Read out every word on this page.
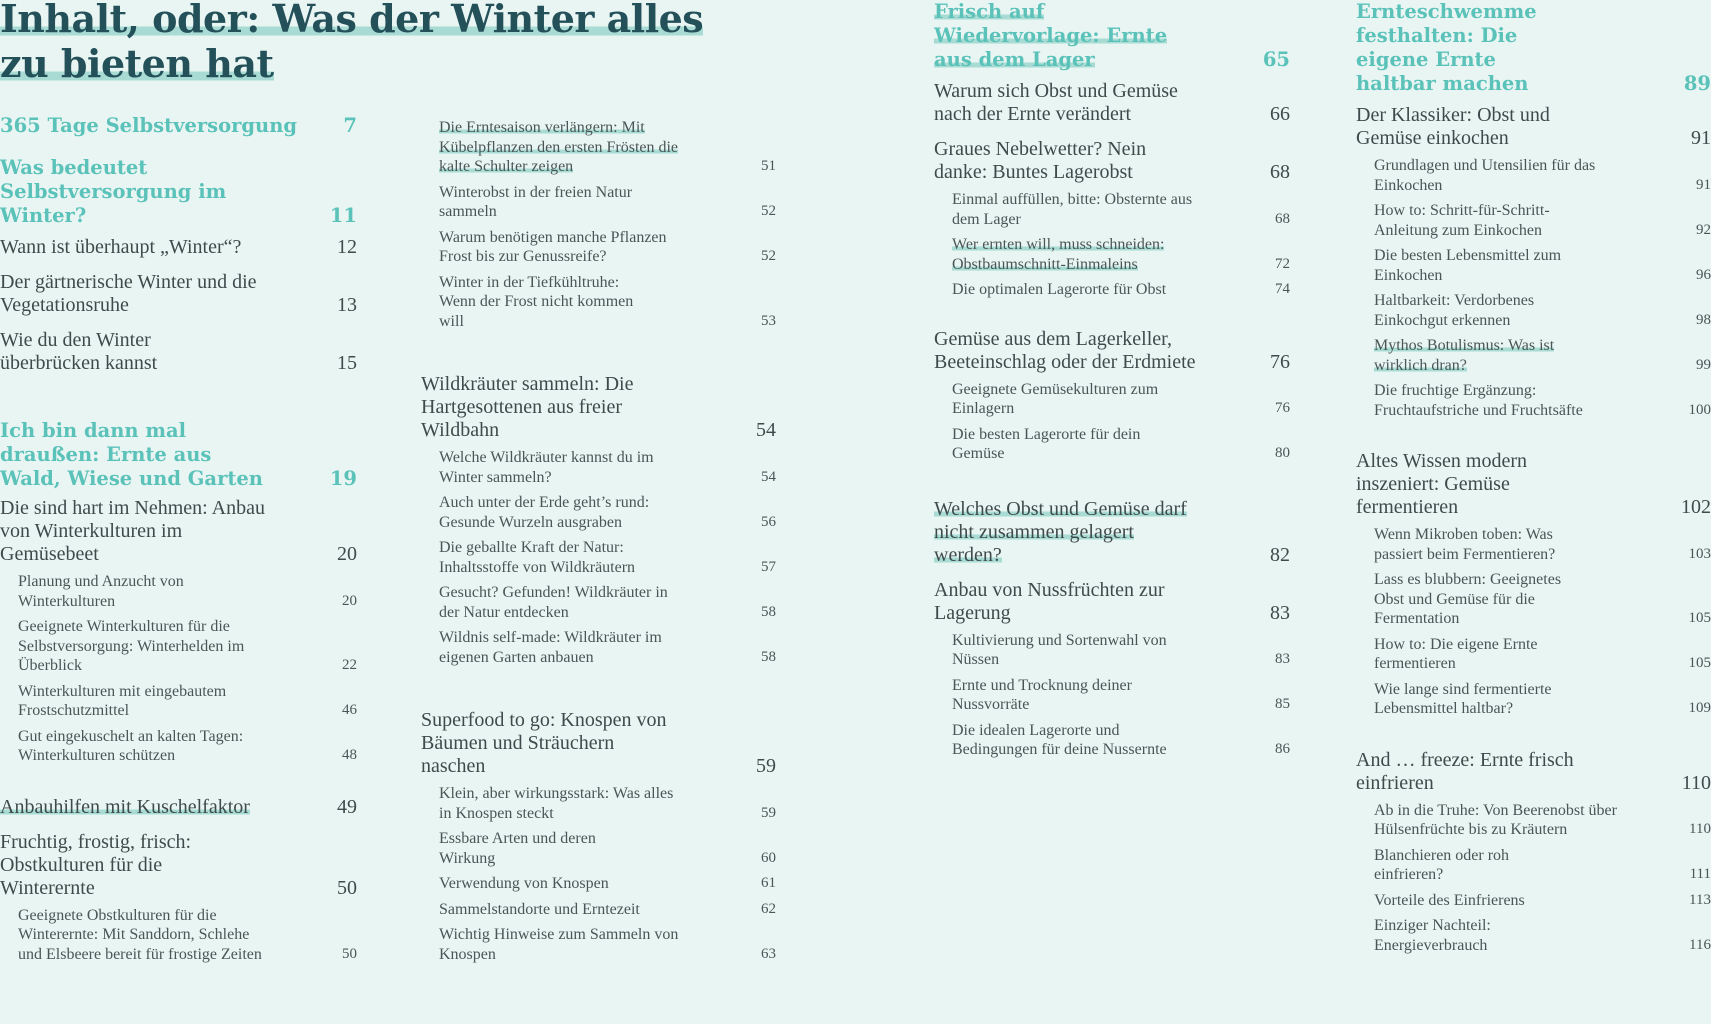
Inhalt, oder: Was der Winter alles
zu bieten hat
365 Tage Selbstversorgung	7
Was bedeutet Selbstversorgung im Winter?	11
Wann ist überhaupt „Winter“?	12
Der gärtnerische Winter und die Vegetationsruhe	13
Wie du den Winter überbrücken kannst	15
Ich bin dann mal draußen: Ernte aus Wald, Wiese und Garten	19
Die sind hart im Nehmen: Anbau von Winterkulturen im Gemüsebeet	20
Planung und Anzucht von Winterkulturen	20
Geeignete Winterkulturen für die Selbstversorgung: Winterhelden im Überblick	22
Winterkulturen mit eingebautem Frostschutzmittel	46
Gut eingekuschelt an kalten Tagen: Winterkulturen schützen	48
Anbauhilfen mit Kuschelfaktor	49
Fruchtig, frostig, frisch: Obstkulturen für die Winterernte	50
Geeignete Obstkulturen für die Winterernte: Mit Sanddorn, Schlehe und Elsbeere bereit für frostige Zeiten	50
Die Erntesaison verlängern: Mit Kübelpflanzen den ersten Frösten die kalte Schulter zeigen	51
Winterobst in der freien Natur sammeln	52
Warum benötigen manche Pflanzen Frost bis zur Genussreife?	52
Winter in der Tiefkühltruhe: Wenn der Frost nicht kommen will	53
Wildkräuter sammeln: Die Hartgesottenen aus freier Wildbahn	54
Welche Wildkräuter kannst du im Winter sammeln?	54
Auch unter der Erde geht’s rund: Gesunde Wurzeln ausgraben	56
Die geballte Kraft der Natur: Inhaltsstoffe von Wildkräutern	57
Gesucht? Gefunden! Wildkräuter in der Natur entdecken	58
Wildnis self-made: Wildkräuter im eigenen Garten anbauen	58
Superfood to go: Knospen von Bäumen und Sträuchern naschen	59
Klein, aber wirkungsstark: Was alles in Knospen steckt	59
Essbare Arten und deren Wirkung	60
Verwendung von Knospen	61
Sammelstandorte und Erntezeit	62
Wichtig Hinweise zum Sammeln von Knospen	63
Frisch auf Wiedervorlage: Ernte aus dem Lager	65
Warum sich Obst und Gemüse nach der Ernte verändert	66
Graues Nebelwetter? Nein danke: Buntes Lagerobst	68
Einmal auffüllen, bitte: Obsternte aus dem Lager	68
Wer ernten will, muss schneiden: Obstbaumschnitt-Einmaleins	72
Die optimalen Lagerorte für Obst	74
Gemüse aus dem Lagerkeller, Beeteinschlag oder der Erdmiete	76
Geeignete Gemüsekulturen zum Einlagern	76
Die besten Lagerorte für dein Gemüse	80
Welches Obst und Gemüse darf nicht zusammen gelagert werden?	82
Anbau von Nussfrüchten zur Lagerung	83
Kultivierung und Sortenwahl von Nüssen	83
Ernte und Trocknung deiner Nussvorräte	85
Die idealen Lagerorte und Bedingungen für deine Nussernte	86
Ernteschwemme festhalten: Die eigene Ernte haltbar machen	89
Der Klassiker: Obst und Gemüse einkochen	91
Grundlagen und Utensilien für das Einkochen	91
How to: Schritt-für-Schritt-Anleitung zum Einkochen	92
Die besten Lebensmittel zum Einkochen	96
Haltbarkeit: Verdorbenes Einkochgut erkennen	98
Mythos Botulismus: Was ist wirklich dran?	99
Die fruchtige Ergänzung: Fruchtaufstriche und Fruchtsäfte	100
Altes Wissen modern inszeniert: Gemüse fermentieren	102
Wenn Mikroben toben: Was passiert beim Fermentieren?	103
Lass es blubbern: Geeignetes Obst und Gemüse für die Fermentation	105
How to: Die eigene Ernte fermentieren	105
Wie lange sind fermentierte Lebensmittel haltbar?	109
And … freeze: Ernte frisch einfrieren	110
Ab in die Truhe: Von Beerenobst über Hülsenfrüchte bis zu Kräutern	110
Blanchieren oder roh einfrieren?	111
Vorteile des Einfrierens	113
Einziger Nachteil: Energieverbrauch	116
